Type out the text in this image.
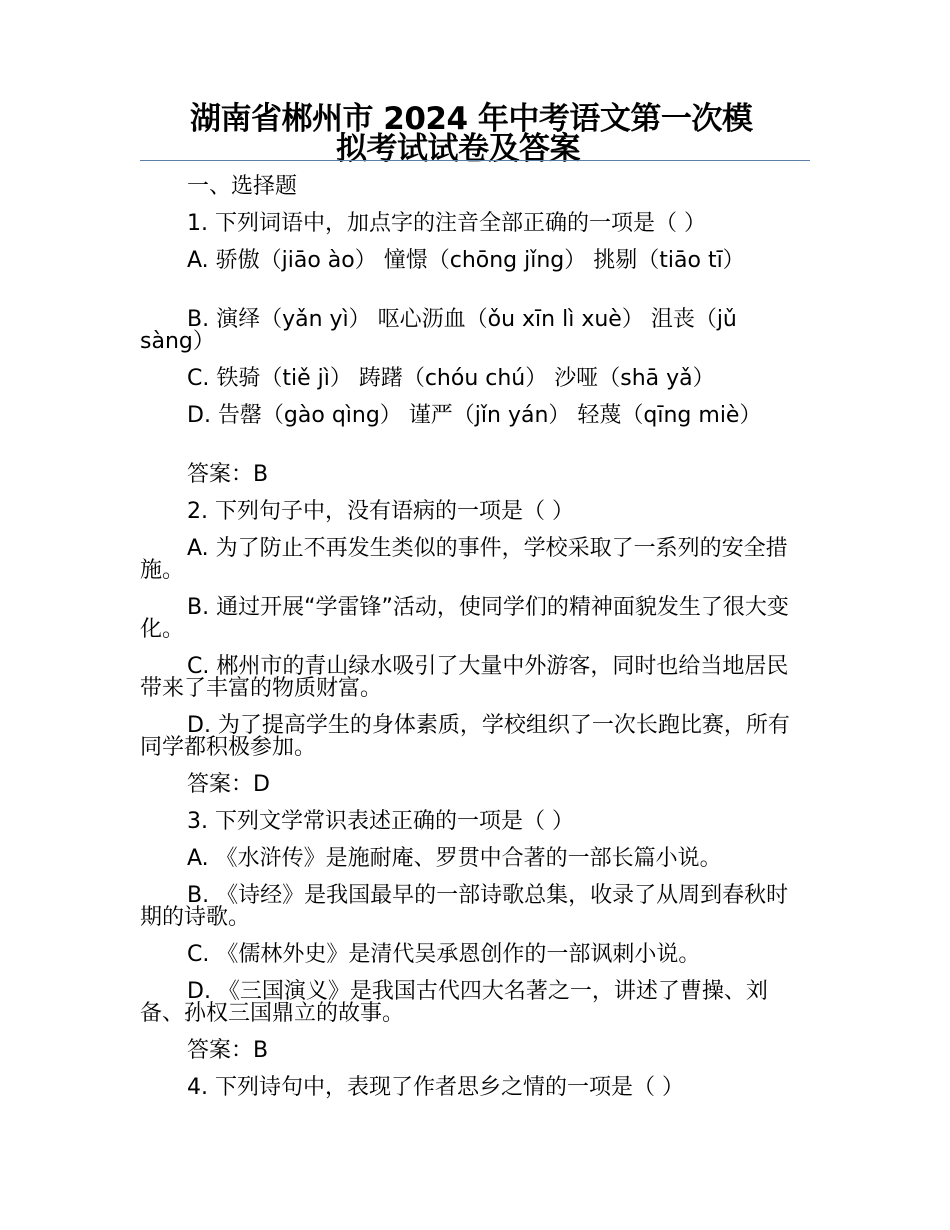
湖南省郴州市 2024 年中考语文第一次模
拟考试试卷及答案

一、选择题

1. 下列词语中，加点字的注音全部正确的一项是（ ）

A. 骄傲（jiāo ào） 憧憬（chōng jǐng） 挑剔（tiāo tī）

B. 演绎（yǎn yì） 呕心沥血（ǒu xīn lì xuè） 沮丧（jǔ sàng）

C. 铁骑（tiě jì） 踌躇（chóu chú） 沙哑（shā yǎ）

D. 告罄（gào qìng） 谨严（jǐn yán） 轻蔑（qīng miè）

答案：B

2. 下列句子中，没有语病的一项是（ ）

A. 为了防止不再发生类似的事件，学校采取了一系列的安全措施。

B. 通过开展“学雷锋”活动，使同学们的精神面貌发生了很大变化。

C. 郴州市的青山绿水吸引了大量中外游客，同时也给当地居民带来了丰富的物质财富。

D. 为了提高学生的身体素质，学校组织了一次长跑比赛，所有同学都积极参加。

答案：D

3. 下列文学常识表述正确的一项是（ ）

A. 《水浒传》是施耐庵、罗贯中合著的一部长篇小说。

B. 《诗经》是我国最早的一部诗歌总集，收录了从周到春秋时期的诗歌。

C. 《儒林外史》是清代吴承恩创作的一部讽刺小说。

D. 《三国演义》是我国古代四大名著之一，讲述了曹操、刘备、孙权三国鼎立的故事。

答案：B

4. 下列诗句中，表现了作者思乡之情的一项是（ ）
